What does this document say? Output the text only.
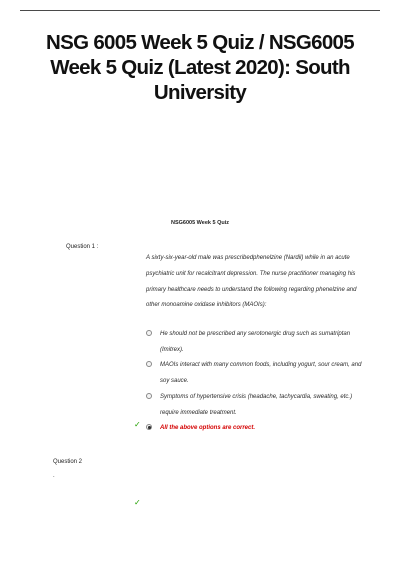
NSG 6005 Week 5 Quiz / NSG6005 Week 5 Quiz (Latest 2020): South University
NSG6005 Week 5 Quiz
Question 1 :
A sixty-six-year-old male was prescribedphenelzine (Nardil) while in an acute psychiatric unit for recalcitrant depression. The nurse practitioner managing his primary healthcare needs to understand the following regarding phenelzine and other monoamine oxidase inhibitors (MAOIs):
He should not be prescribed any serotonergic drug such as sumatriptan (Imitrex).
MAOIs interact with many common foods, including yogurt, sour cream, and soy sauce.
Symptoms of hypertensive crisis (headache, tachycardia, sweating, etc.) require immediate treatment.
All the above options are correct.
✓
Question 2
.
✓
